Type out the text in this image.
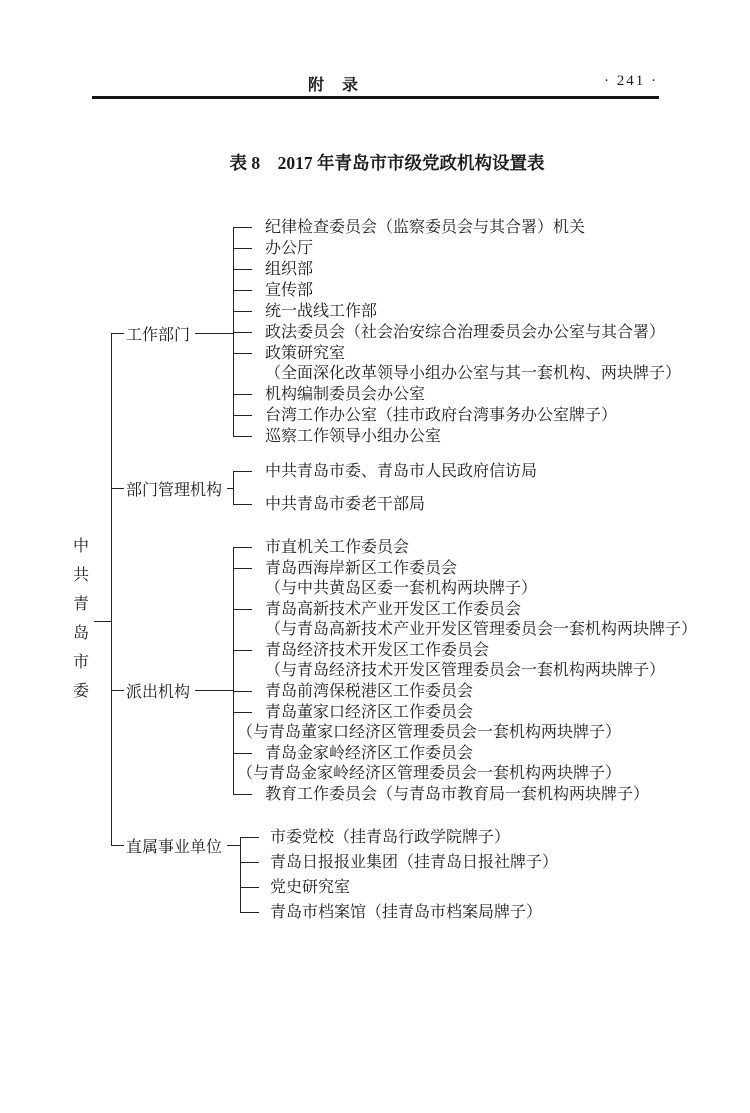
附　录	· 241 ·
表 8　2017 年青岛市市级党政机构设置表
中
共
青
岛
市
委
工作部门
纪律检查委员会（监察委员会与其合署）机关
办公厅
组织部
宣传部
统一战线工作部
政法委员会（社会治安综合治理委员会办公室与其合署）
政策研究室
（全面深化改革领导小组办公室与其一套机构、两块牌子）
机构编制委员会办公室
台湾工作办公室（挂市政府台湾事务办公室牌子）
巡察工作领导小组办公室
部门管理机构
中共青岛市委、青岛市人民政府信访局
中共青岛市委老干部局
派出机构
市直机关工作委员会
青岛西海岸新区工作委员会
（与中共黄岛区委一套机构两块牌子）
青岛高新技术产业开发区工作委员会
（与青岛高新技术产业开发区管理委员会一套机构两块牌子）
青岛经济技术开发区工作委员会
（与青岛经济技术开发区管理委员会一套机构两块牌子）
青岛前湾保税港区工作委员会
青岛董家口经济区工作委员会
（与青岛董家口经济区管理委员会一套机构两块牌子）
青岛金家岭经济区工作委员会
（与青岛金家岭经济区管理委员会一套机构两块牌子）
教育工作委员会（与青岛市教育局一套机构两块牌子）
直属事业单位
市委党校（挂青岛行政学院牌子）
青岛日报报业集团（挂青岛日报社牌子）
党史研究室
青岛市档案馆（挂青岛市档案局牌子）
